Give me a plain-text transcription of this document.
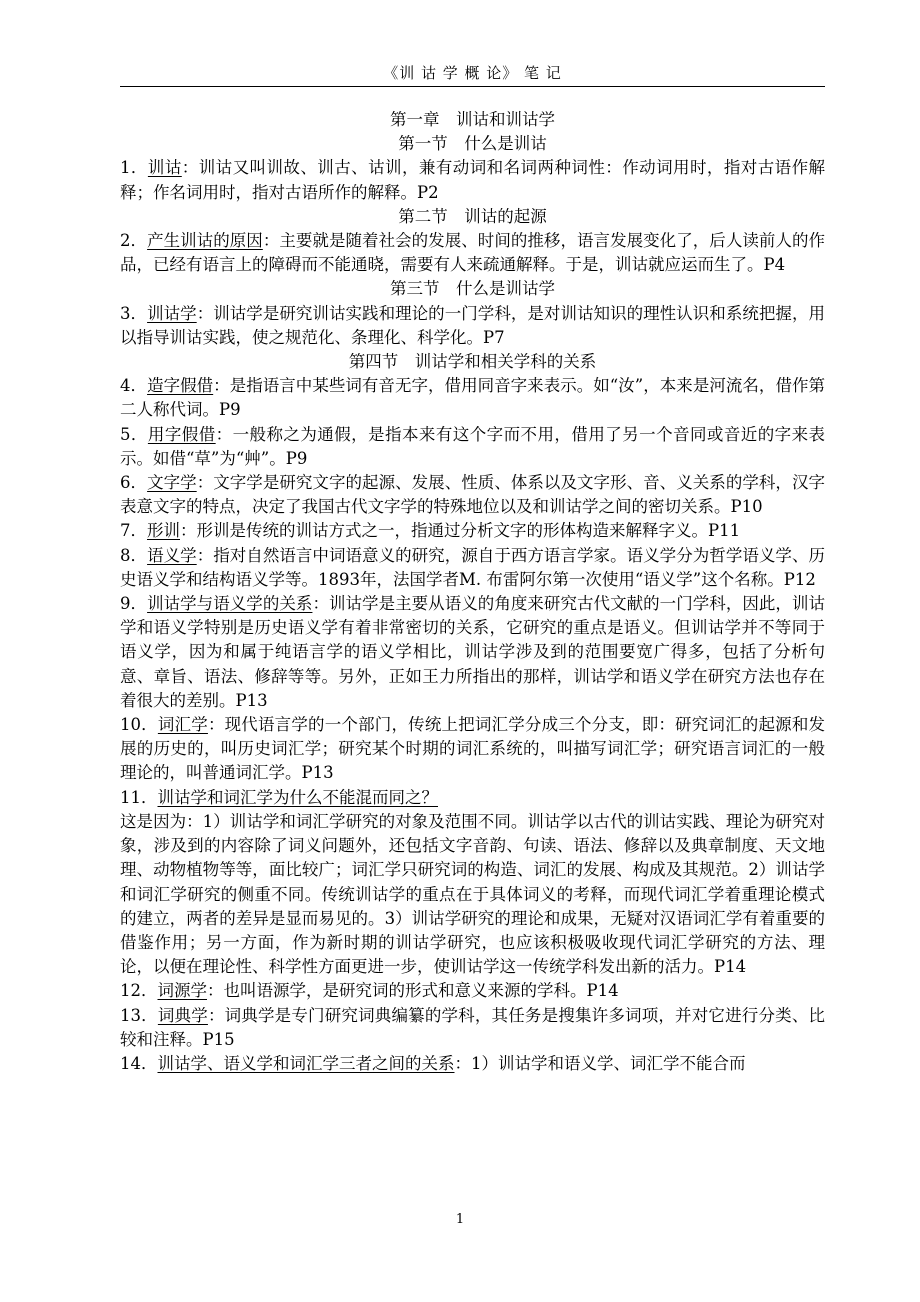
《训 诂 学 概 论》 笔 记
第一章　训诂和训诂学
第一节　什么是训诂

1．训诂：训诂又叫训故、训古、诂训，兼有动词和名词两种词性：作动词用时，指对古语作解释；作名词用时，指对古语所作的解释。P2

第二节　训诂的起源

2．产生训诂的原因：主要就是随着社会的发展、时间的推移，语言发展变化了，后人读前人的作品，已经有语言上的障碍而不能通晓，需要有人来疏通解释。于是，训诂就应运而生了。P4

第三节　什么是训诂学

3．训诂学：训诂学是研究训诂实践和理论的一门学科，是对训诂知识的理性认识和系统把握，用以指导训诂实践，使之规范化、条理化、科学化。P7

第四节　训诂学和相关学科的关系

4．造字假借：是指语言中某些词有音无字，借用同音字来表示。如“汝”，本来是河流名，借作第二人称代词。P9

5．用字假借：一般称之为通假，是指本来有这个字而不用，借用了另一个音同或音近的字来表示。如借“草”为“艸”。P9

6．文字学：文字学是研究文字的起源、发展、性质、体系以及文字形、音、义关系的学科，汉字表意文字的特点，决定了我国古代文字学的特殊地位以及和训诂学之间的密切关系。P10

7．形训：形训是传统的训诂方式之一，指通过分析文字的形体构造来解释字义。P11

8．语义学：指对自然语言中词语意义的研究，源自于西方语言学家。语义学分为哲学语义学、历史语义学和结构语义学等。1893年，法国学者M. 布雷阿尔第一次使用“语义学”这个名称。P12

9．训诂学与语义学的关系：训诂学是主要从语义的角度来研究古代文献的一门学科，因此，训诂学和语义学特别是历史语义学有着非常密切的关系，它研究的重点是语义。但训诂学并不等同于语义学，因为和属于纯语言学的语义学相比，训诂学涉及到的范围要宽广得多，包括了分析句意、章旨、语法、修辞等等。另外，正如王力所指出的那样，训诂学和语义学在研究方法也存在着很大的差别。P13

10．词汇学：现代语言学的一个部门，传统上把词汇学分成三个分支，即：研究词汇的起源和发展的历史的，叫历史词汇学；研究某个时期的词汇系统的，叫描写词汇学；研究语言词汇的一般理论的，叫普通词汇学。P13

11．训诂学和词汇学为什么不能混而同之？

这是因为：1）训诂学和词汇学研究的对象及范围不同。训诂学以古代的训诂实践、理论为研究对象，涉及到的内容除了词义问题外，还包括文字音韵、句读、语法、修辞以及典章制度、天文地理、动物植物等等，面比较广；词汇学只研究词的构造、词汇的发展、构成及其规范。2）训诂学和词汇学研究的侧重不同。传统训诂学的重点在于具体词义的考释，而现代词汇学着重理论模式的建立，两者的差异是显而易见的。3）训诂学研究的理论和成果，无疑对汉语词汇学有着重要的借鉴作用；另一方面，作为新时期的训诂学研究，也应该积极吸收现代词汇学研究的方法、理论，以便在理论性、科学性方面更进一步，使训诂学这一传统学科发出新的活力。P14

12．词源学：也叫语源学，是研究词的形式和意义来源的学科。P14

13．词典学：词典学是专门研究词典编纂的学科，其任务是搜集许多词项，并对它进行分类、比较和注释。P15

14．训诂学、语义学和词汇学三者之间的关系：1）训诂学和语义学、词汇学不能合而

1
